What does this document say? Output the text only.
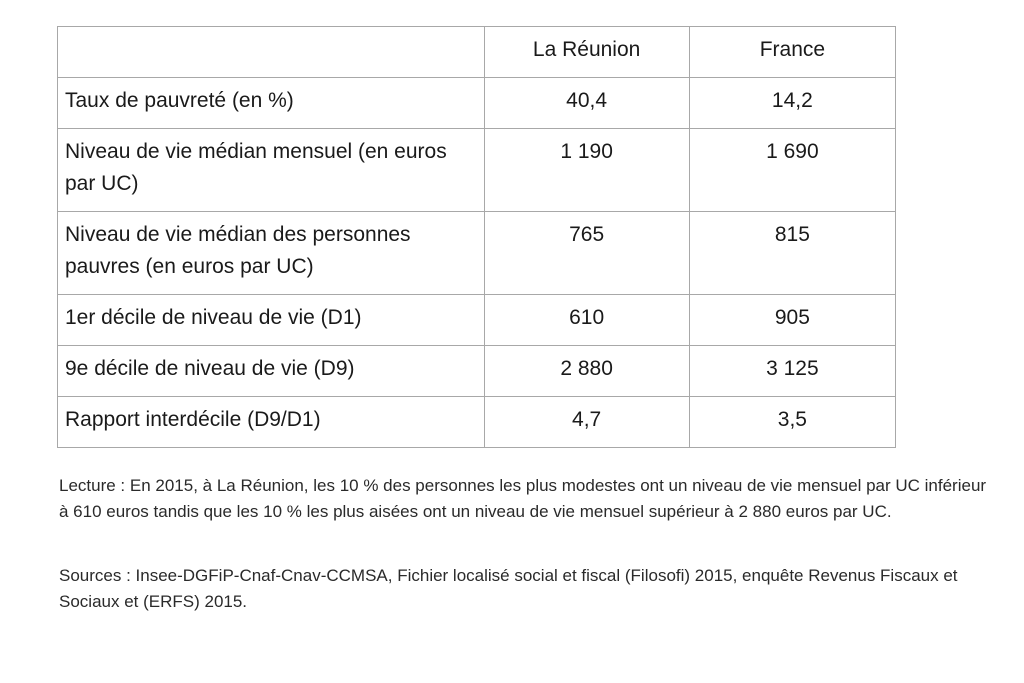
	La Réunion	France
Taux de pauvreté (en %)	40,4	14,2
Niveau de vie médian mensuel (en euros par UC)	1 190	1 690
Niveau de vie médian des personnes pauvres (en euros par UC)	765	815
1er décile de niveau de vie (D1)	610	905
9e décile de niveau de vie (D9)	2 880	3 125
Rapport interdécile (D9/D1)	4,7	3,5
Lecture : En 2015, à La Réunion, les 10 % des personnes les plus modestes ont un niveau de vie mensuel par UC inférieur à 610 euros tandis que les 10 % les plus aisées ont un niveau de vie mensuel supérieur à 2 880 euros par UC.
Sources : Insee-DGFiP-Cnaf-Cnav-CCMSA, Fichier localisé social et fiscal (Filosofi) 2015, enquête Revenus Fiscaux et Sociaux et (ERFS) 2015.
